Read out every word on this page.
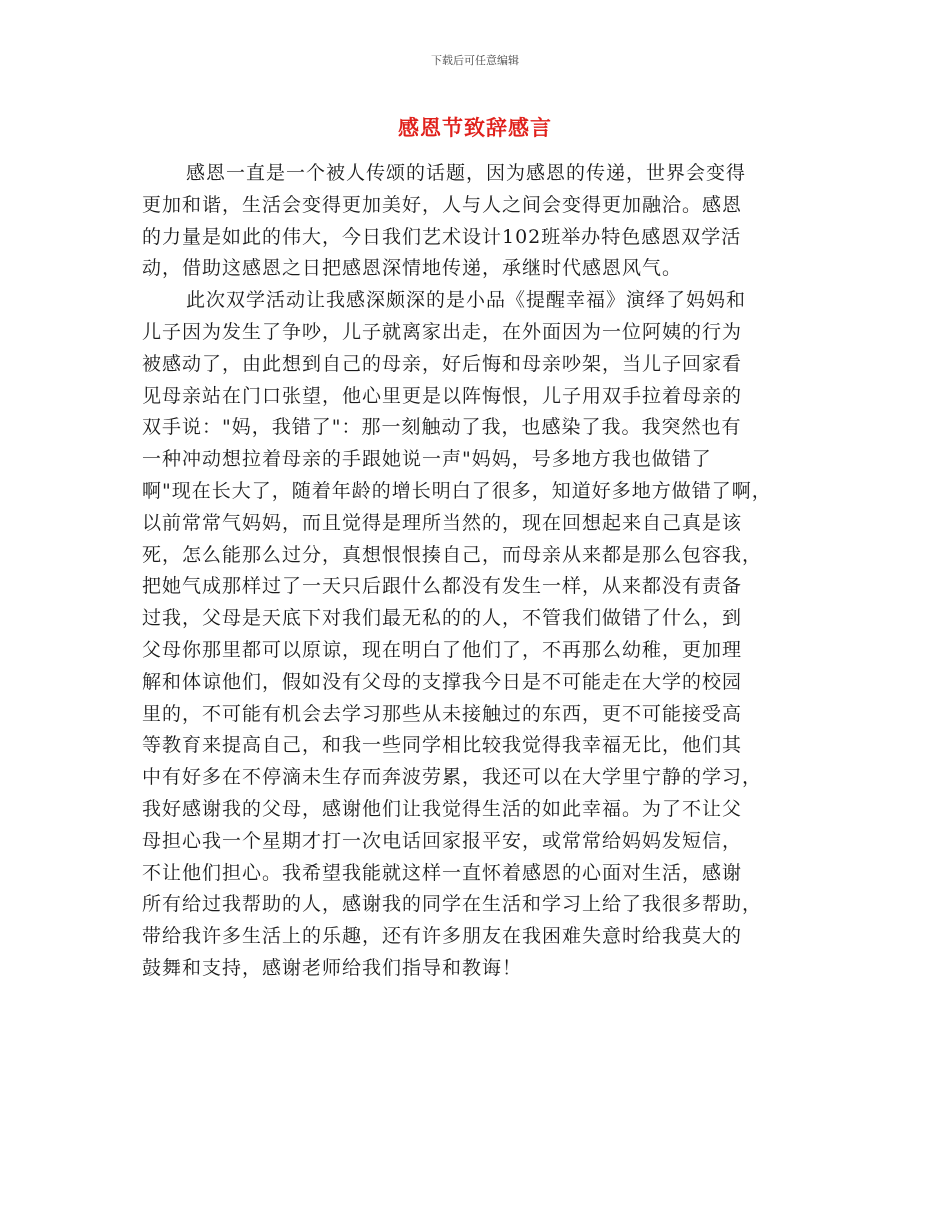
下载后可任意编辑
感恩节致辞感言
感恩一直是一个被人传颂的话题，因为感恩的传递，世界会变得
更加和谐，生活会变得更加美好，人与人之间会变得更加融洽。感恩
的力量是如此的伟大，今日我们艺术设计102班举办特色感恩双学活
动，借助这感恩之日把感恩深情地传递，承继时代感恩风气。
此次双学活动让我感深颇深的是小品《提醒幸福》演绎了妈妈和
儿子因为发生了争吵，儿子就离家出走，在外面因为一位阿姨的行为
被感动了，由此想到自己的母亲，好后悔和母亲吵架，当儿子回家看
见母亲站在门口张望，他心里更是以阵悔恨，儿子用双手拉着母亲的
双手说："妈，我错了"：那一刻触动了我，也感染了我。我突然也有
一种冲动想拉着母亲的手跟她说一声"妈妈，号多地方我也做错了
啊"现在长大了，随着年龄的增长明白了很多，知道好多地方做错了啊，
以前常常气妈妈，而且觉得是理所当然的，现在回想起来自己真是该
死，怎么能那么过分，真想恨恨揍自己，而母亲从来都是那么包容我，
把她气成那样过了一天只后跟什么都没有发生一样，从来都没有责备
过我，父母是天底下对我们最无私的的人，不管我们做错了什么，到
父母你那里都可以原谅，现在明白了他们了，不再那么幼稚，更加理
解和体谅他们，假如没有父母的支撑我今日是不可能走在大学的校园
里的，不可能有机会去学习那些从未接触过的东西，更不可能接受高
等教育来提高自己，和我一些同学相比较我觉得我幸福无比，他们其
中有好多在不停滴未生存而奔波劳累，我还可以在大学里宁静的学习，
我好感谢我的父母，感谢他们让我觉得生活的如此幸福。为了不让父
母担心我一个星期才打一次电话回家报平安，或常常给妈妈发短信，
不让他们担心。我希望我能就这样一直怀着感恩的心面对生活，感谢
所有给过我帮助的人，感谢我的同学在生活和学习上给了我很多帮助，
带给我许多生活上的乐趣，还有许多朋友在我困难失意时给我莫大的
鼓舞和支持，感谢老师给我们指导和教诲！
